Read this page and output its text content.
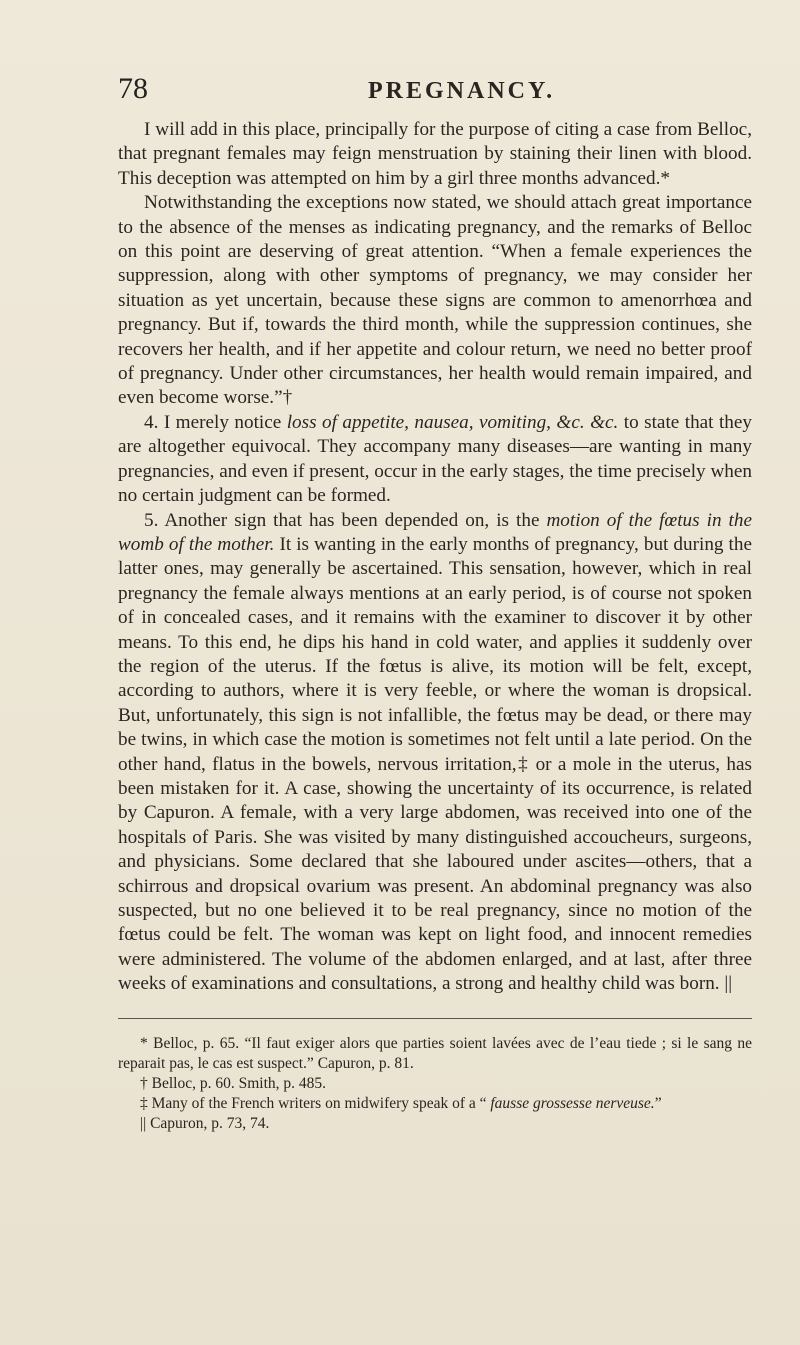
78	PREGNANCY.

I will add in this place, principally for the purpose of citing a case from Belloc, that pregnant females may feign menstruation by staining their linen with blood. This deception was attempted on him by a girl three months advanced.*

Notwithstanding the exceptions now stated, we should attach great importance to the absence of the menses as indicating pregnancy, and the remarks of Belloc on this point are deserving of great attention. “When a female experiences the suppression, along with other symptoms of pregnancy, we may consider her situation as yet uncertain, because these signs are common to amenorrhœa and pregnancy. But if, towards the third month, while the suppression continues, she recovers her health, and if her appetite and colour return, we need no better proof of pregnancy. Under other circumstances, her health would remain impaired, and even become worse.”†

4. I merely notice loss of appetite, nausea, vomiting, &c. &c. to state that they are altogether equivocal. They accompany many diseases—are wanting in many pregnancies, and even if present, occur in the early stages, the time precisely when no certain judgment can be formed.

5. Another sign that has been depended on, is the motion of the fœtus in the womb of the mother. It is wanting in the early months of pregnancy, but during the latter ones, may generally be ascertained. This sensation, however, which in real pregnancy the female always mentions at an early period, is of course not spoken of in concealed cases, and it remains with the examiner to discover it by other means. To this end, he dips his hand in cold water, and applies it suddenly over the region of the uterus. If the fœtus is alive, its motion will be felt, except, according to authors, where it is very feeble, or where the woman is dropsical. But, unfortunately, this sign is not infallible, the fœtus may be dead, or there may be twins, in which case the motion is sometimes not felt until a late period. On the other hand, flatus in the bowels, nervous irritation,‡ or a mole in the uterus, has been mistaken for it. A case, showing the uncertainty of its occurrence, is related by Capuron. A female, with a very large abdomen, was received into one of the hospitals of Paris. She was visited by many distinguished accoucheurs, surgeons, and physicians. Some declared that she laboured under ascites—others, that a schirrous and dropsical ovarium was present. An abdominal pregnancy was also suspected, but no one believed it to be real pregnancy, since no motion of the fœtus could be felt. The woman was kept on light food, and innocent remedies were administered. The volume of the abdomen enlarged, and at last, after three weeks of examinations and consultations, a strong and healthy child was born. ||

* Belloc, p. 65. “Il faut exiger alors que parties soient lavées avec de l’eau tiede ; si le sang ne reparait pas, le cas est suspect.” Capuron, p. 81.

† Belloc, p. 60. Smith, p. 485.

‡ Many of the French writers on midwifery speak of a “ fausse grossesse nerveuse.”

|| Capuron, p. 73, 74.
